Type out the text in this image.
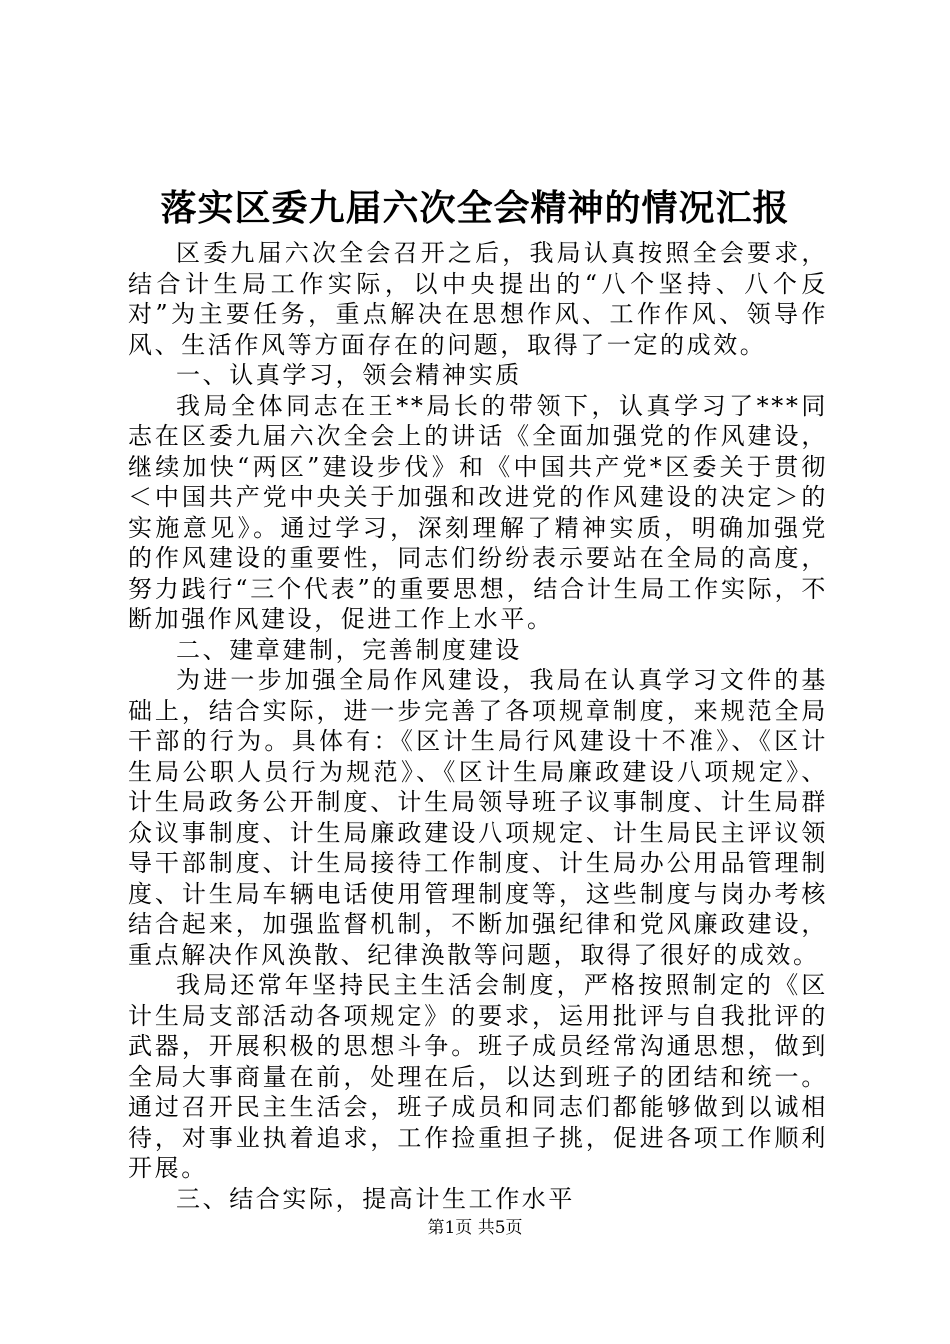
落实区委九届六次全会精神的情况汇报

区委九届六次全会召开之后，我局认真按照全会要求，结合计生局工作实际，以中央提出的“八个坚持、八个反对”为主要任务，重点解决在思想作风、工作作风、领导作风、生活作风等方面存在的问题，取得了一定的成效。

一、认真学习，领会精神实质

我局全体同志在王**局长的带领下，认真学习了***同志在区委九届六次全会上的讲话《全面加强党的作风建设，继续加快“两区”建设步伐》和《中国共产党*区委关于贯彻＜中国共产党中央关于加强和改进党的作风建设的决定＞的实施意见》。通过学习，深刻理解了精神实质，明确加强党的作风建设的重要性，同志们纷纷表示要站在全局的高度，努力践行“三个代表”的重要思想，结合计生局工作实际，不断加强作风建设，促进工作上水平。

二、建章建制，完善制度建设

为进一步加强全局作风建设，我局在认真学习文件的基础上，结合实际，进一步完善了各项规章制度，来规范全局干部的行为。具体有：《区计生局行风建设十不准》、《区计生局公职人员行为规范》、《区计生局廉政建设八项规定》、计生局政务公开制度、计生局领导班子议事制度、计生局群众议事制度、计生局廉政建设八项规定、计生局民主评议领导干部制度、计生局接待工作制度、计生局办公用品管理制度、计生局车辆电话使用管理制度等，这些制度与岗办考核结合起来，加强监督机制，不断加强纪律和党风廉政建设，重点解决作风涣散、纪律涣散等问题，取得了很好的成效。

我局还常年坚持民主生活会制度，严格按照制定的《区计生局支部活动各项规定》的要求，运用批评与自我批评的武器，开展积极的思想斗争。班子成员经常沟通思想，做到全局大事商量在前，处理在后，以达到班子的团结和统一。通过召开民主生活会，班子成员和同志们都能够做到以诚相待，对事业执着追求，工作捡重担子挑，促进各项工作顺利开展。

三、结合实际，提高计生工作水平

第1页 共5页
